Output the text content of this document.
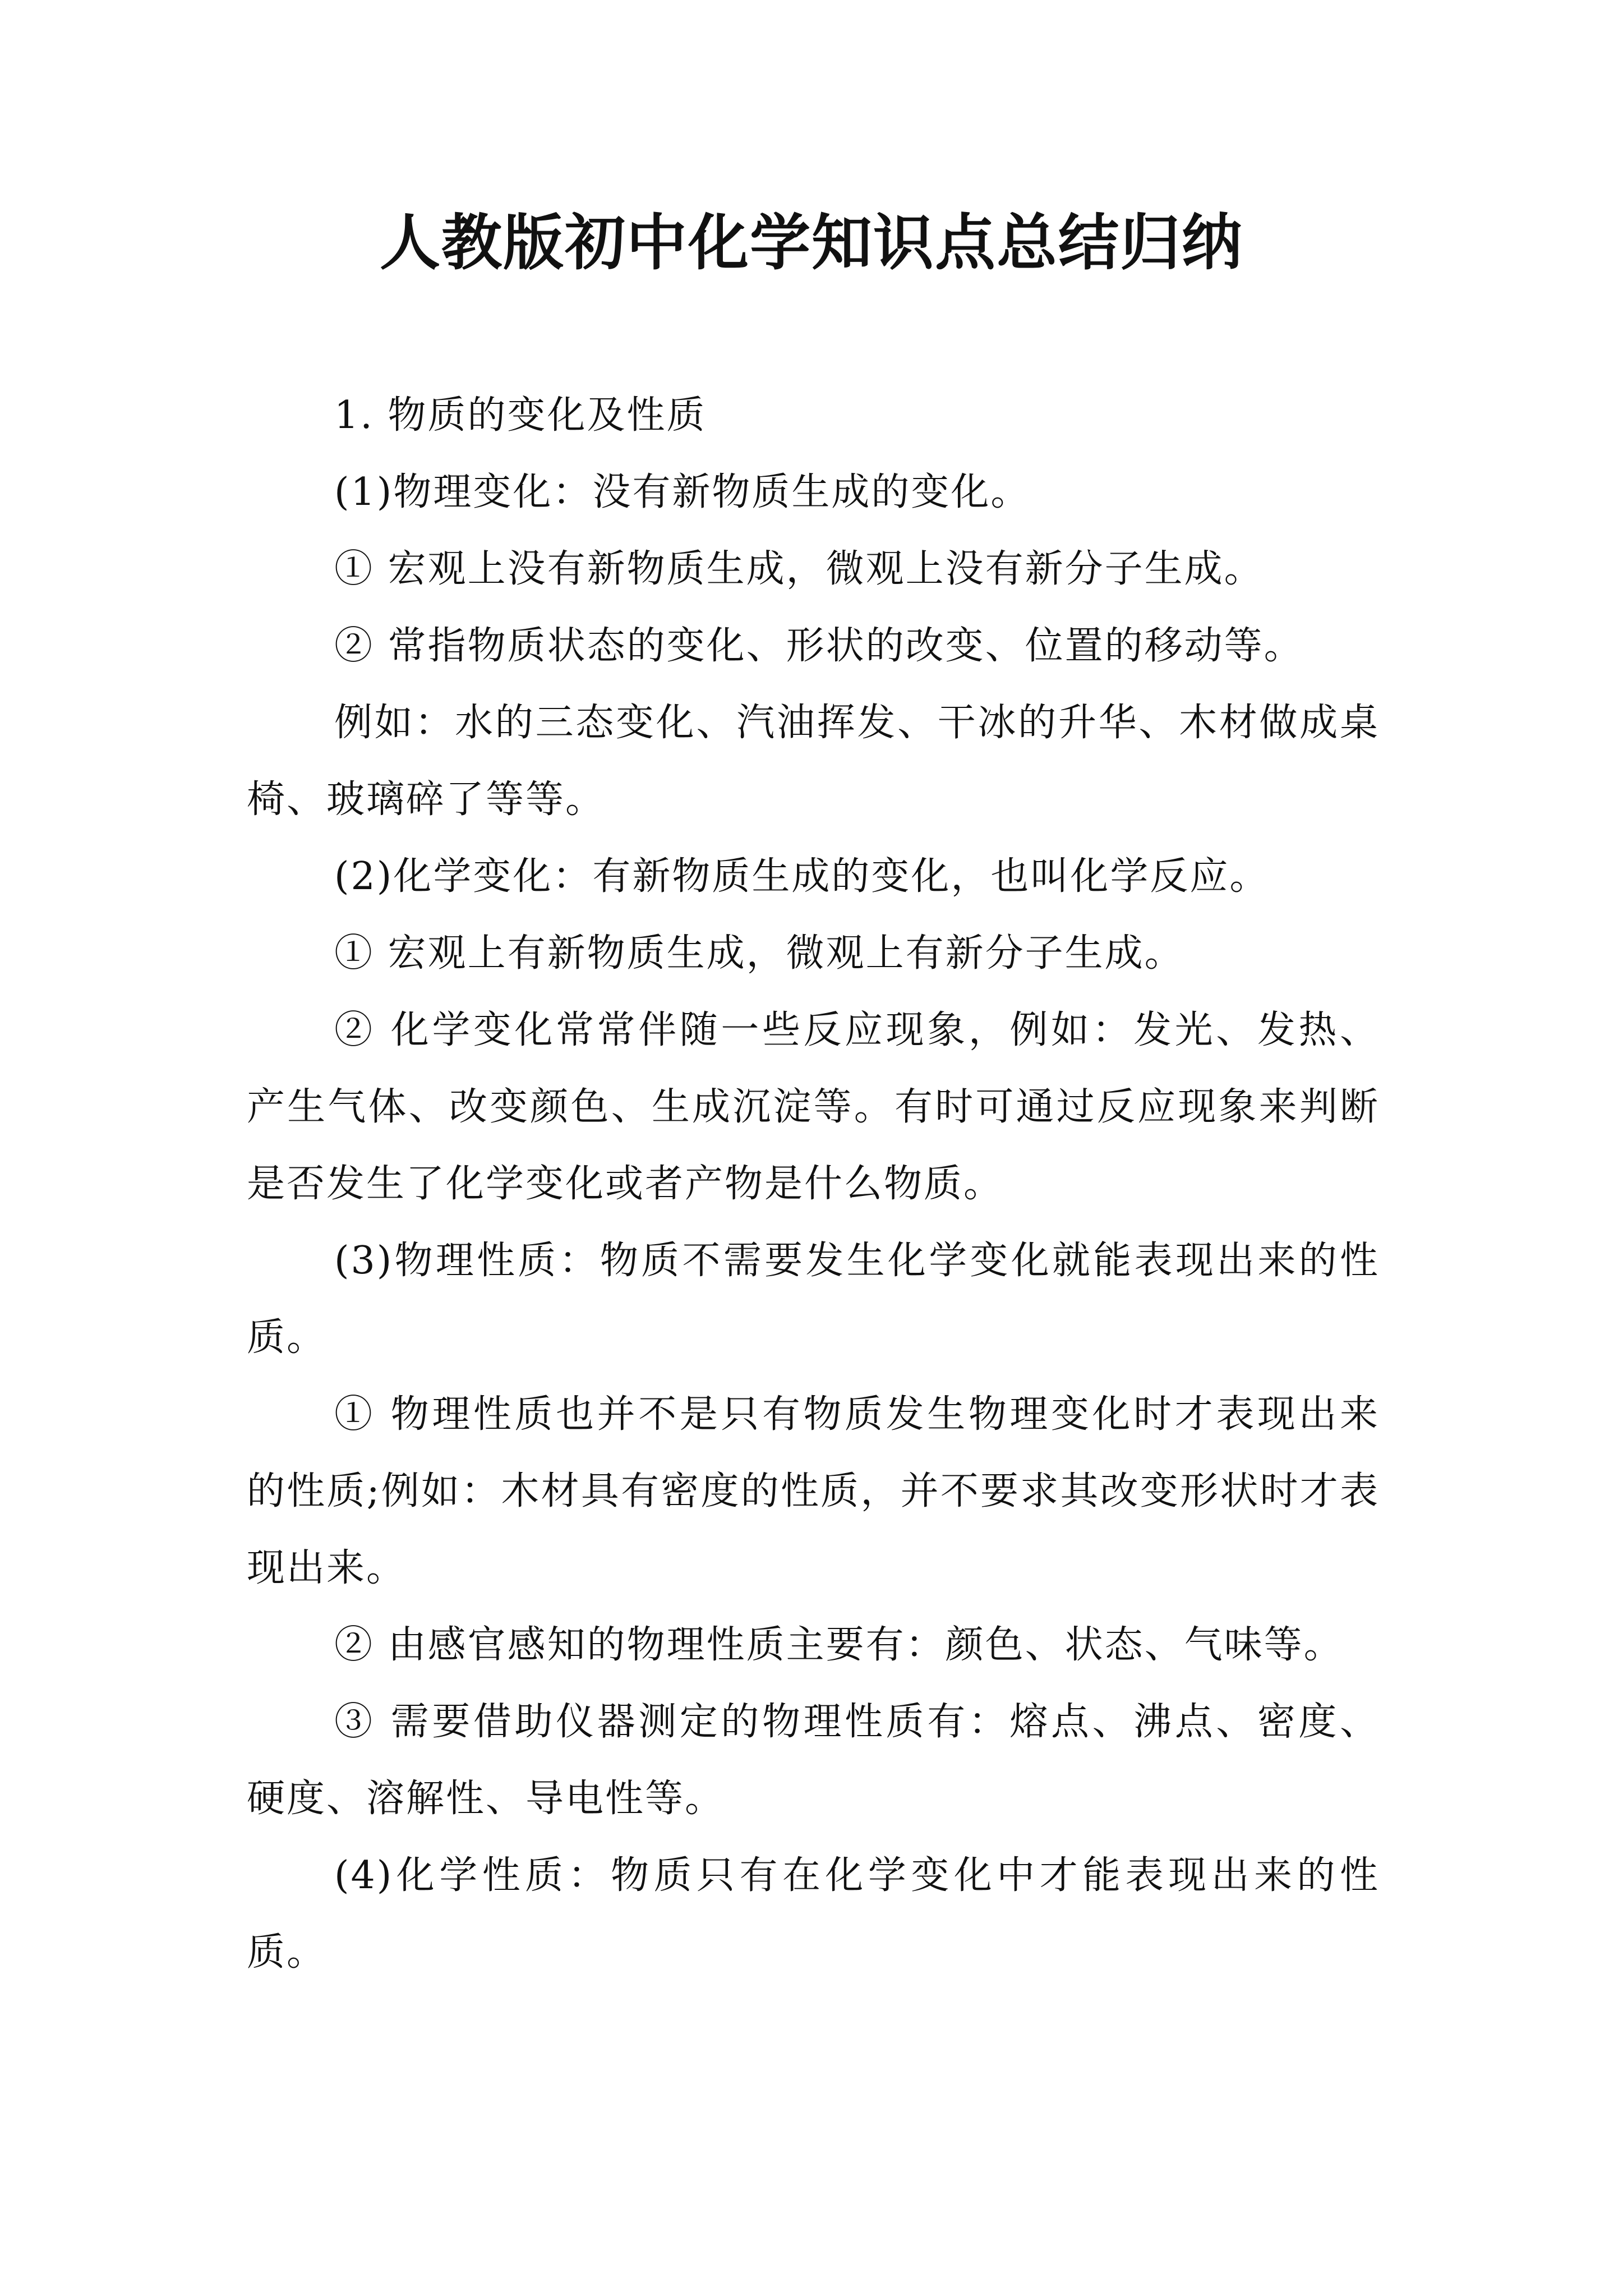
人教版初中化学知识点总结归纳

1. 物质的变化及性质

(1)物理变化：没有新物质生成的变化。

① 宏观上没有新物质生成，微观上没有新分子生成。

② 常指物质状态的变化、形状的改变、位置的移动等。

例如：水的三态变化、汽油挥发、干冰的升华、木材做成桌椅、玻璃碎了等等。

(2)化学变化：有新物质生成的变化，也叫化学反应。

① 宏观上有新物质生成，微观上有新分子生成。

② 化学变化常常伴随一些反应现象，例如：发光、发热、产生气体、改变颜色、生成沉淀等。有时可通过反应现象来判断是否发生了化学变化或者产物是什么物质。

(3)物理性质：物质不需要发生化学变化就能表现出来的性质。

① 物理性质也并不是只有物质发生物理变化时才表现出来的性质;例如：木材具有密度的性质，并不要求其改变形状时才表现出来。

② 由感官感知的物理性质主要有：颜色、状态、气味等。

③ 需要借助仪器测定的物理性质有：熔点、沸点、密度、硬度、溶解性、导电性等。

(4)化学性质：物质只有在化学变化中才能表现出来的性质。
